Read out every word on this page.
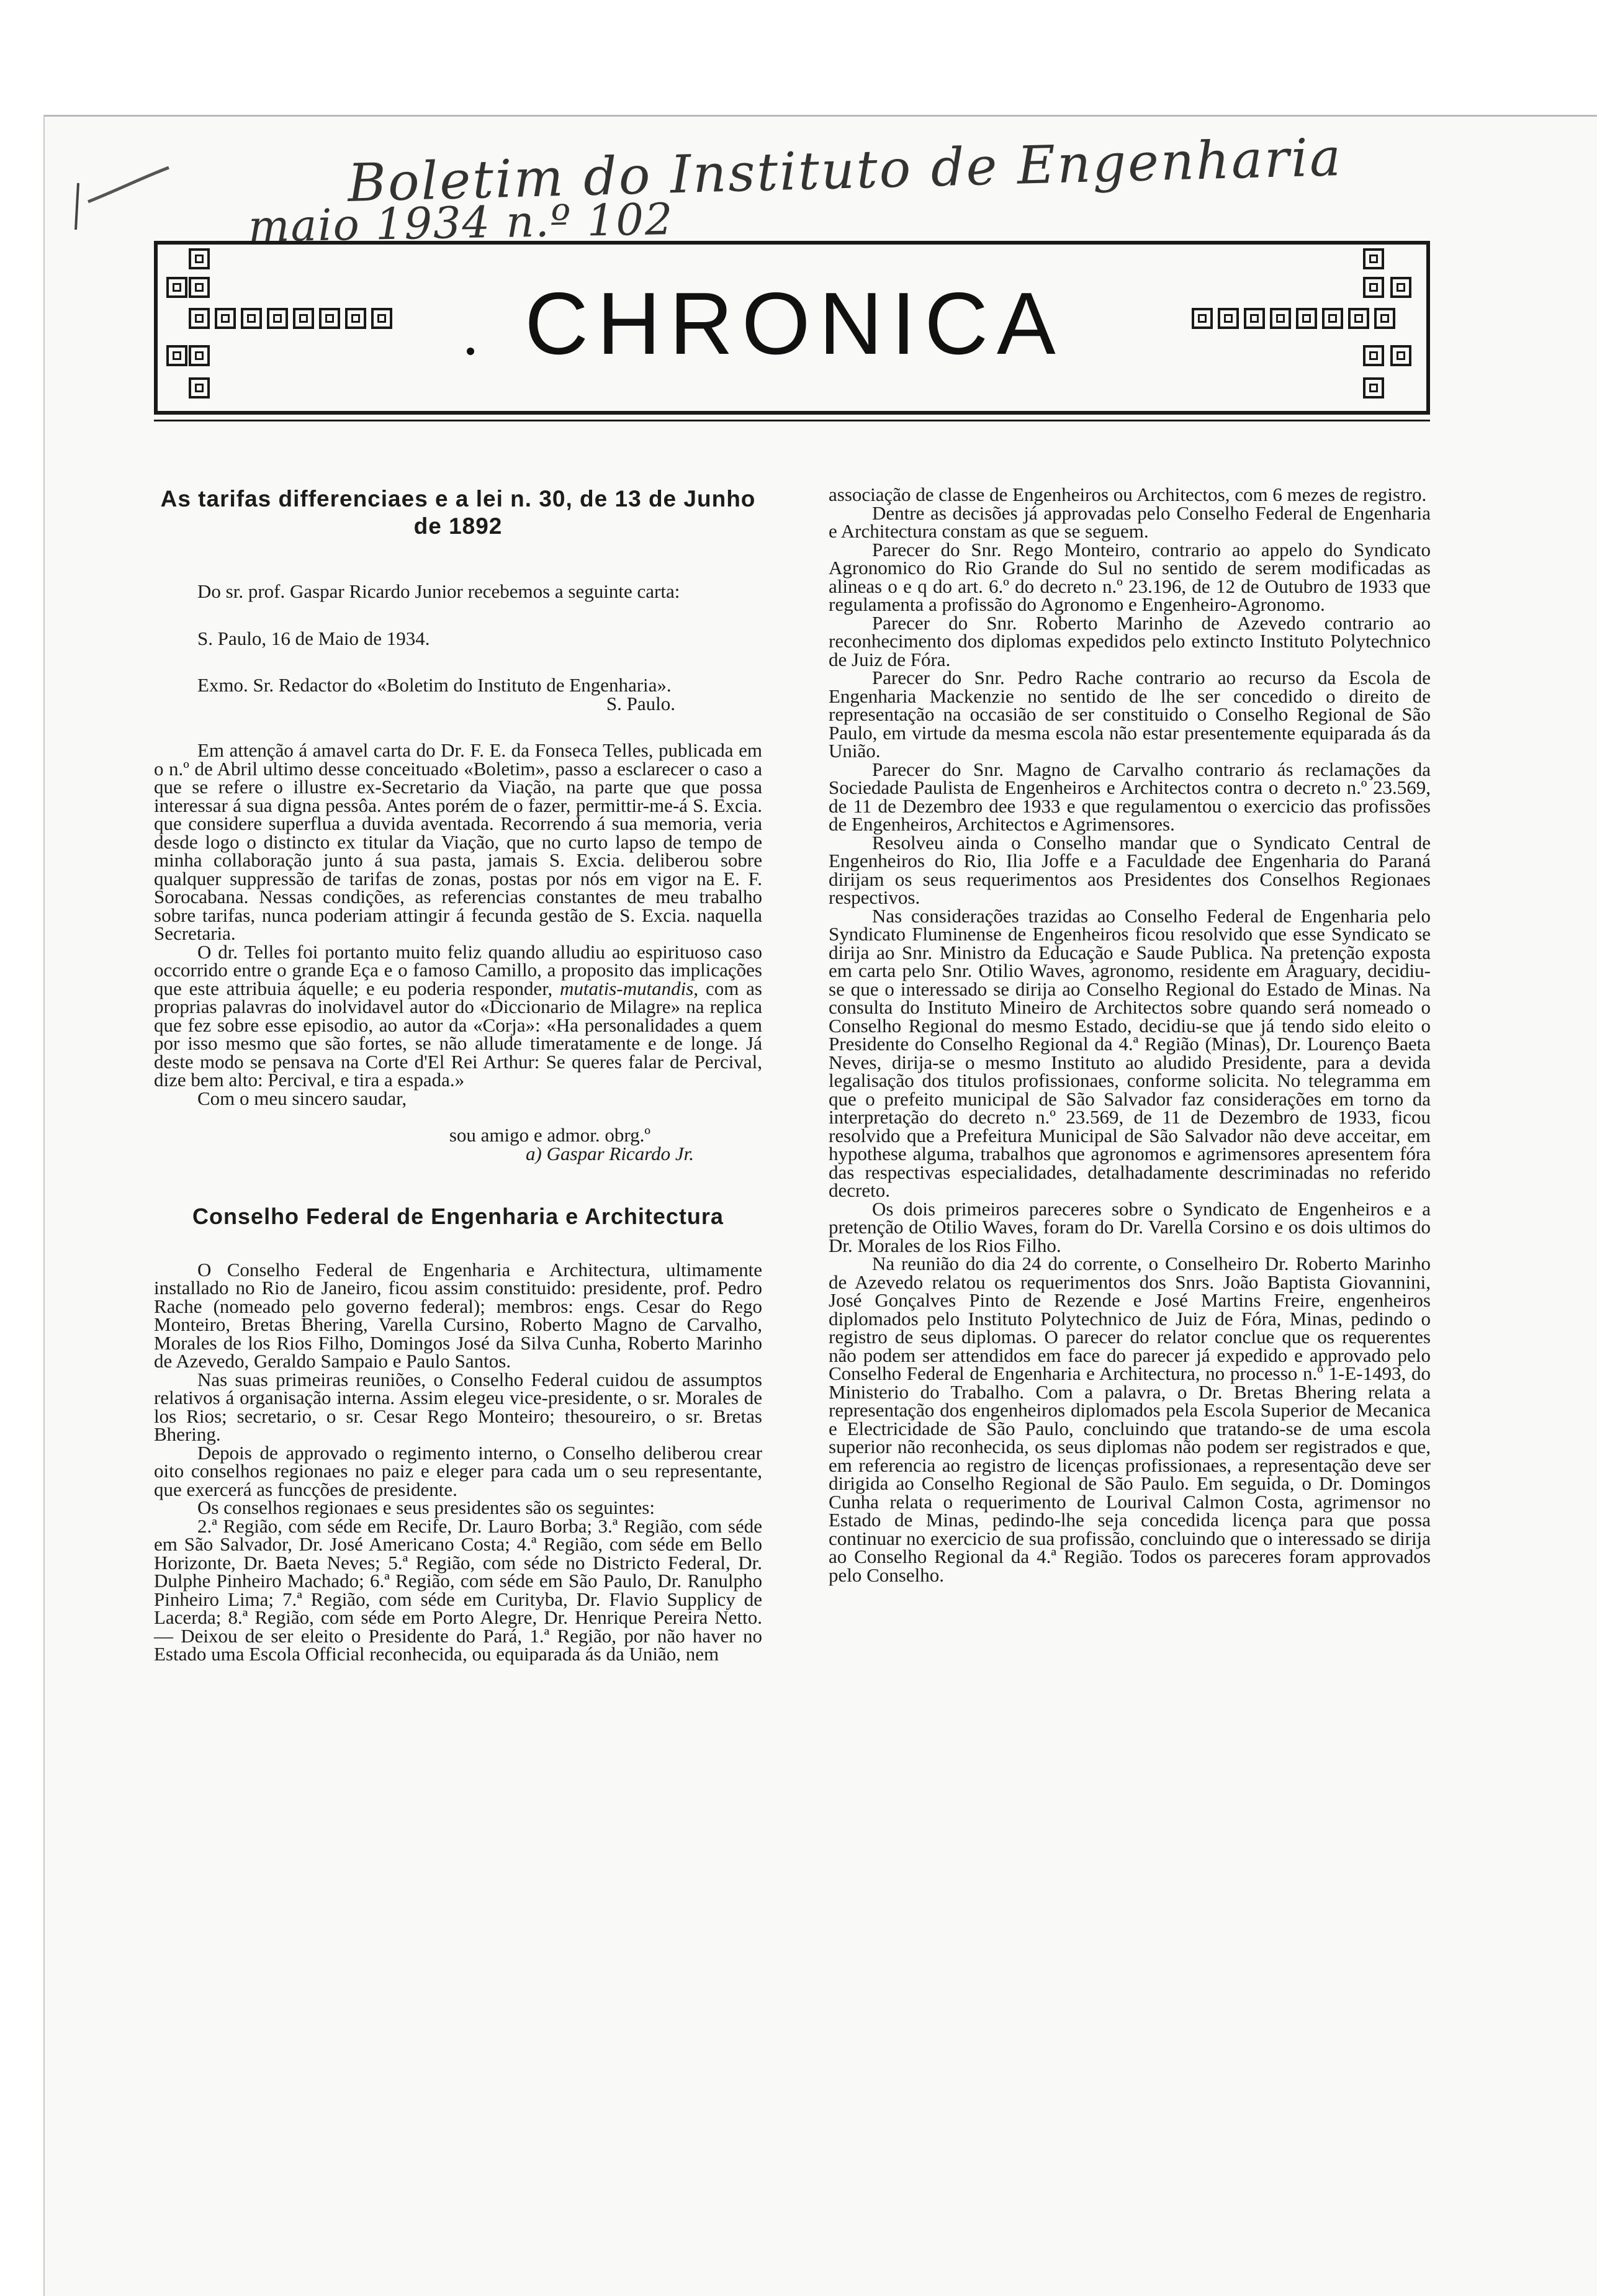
Boletim do Instituto de Engenharia
maio 1934 n.º 102
CHRONICA
As tarifas differenciaes e a lei n. 30, de 13 de Junho de 1892

Do sr. prof. Gaspar Ricardo Junior recebemos a seguinte carta:

S. Paulo, 16 de Maio de 1934.

Exmo. Sr. Redactor do «Boletim do Instituto de Engenharia».

S. Paulo.

Em attenção á amavel carta do Dr. F. E. da Fonseca Telles, publicada em o n.º de Abril ultimo desse conceituado «Boletim», passo a esclarecer o caso a que se refere o illustre ex-Secretario da Viação, na parte que que possa interessar á sua digna pessôa. Antes porém de o fazer, permittir-me-á S. Excia. que considere superflua a duvida aventada. Recorrendo á sua memoria, veria desde logo o distincto ex titular da Viação, que no curto lapso de tempo de minha collaboração junto á sua pasta, jamais S. Excia. deliberou sobre qualquer suppressão de tarifas de zonas, postas por nós em vigor na E. F. Sorocabana. Nessas condições, as referencias constantes de meu trabalho sobre tarifas, nunca poderiam attingir á fecunda gestão de S. Excia. naquella Secretaria.

O dr. Telles foi portanto muito feliz quando alludiu ao espirituoso caso occorrido entre o grande Eça e o famoso Camillo, a proposito das implicações que este attribuia áquelle; e eu poderia responder, mutatis-mutandis, com as proprias palavras do inolvidavel autor do «Diccionario de Milagre» na replica que fez sobre esse episodio, ao autor da «Corja»: «Ha personalidades a quem por isso mesmo que são fortes, se não allude timeratamente e de longe. Já deste modo se pensava na Corte d'El Rei Arthur: Se queres falar de Percival, dize bem alto: Percival, e tira a espada.»

Com o meu sincero saudar,

sou amigo e admor. obrg.º
a) Gaspar Ricardo Jr.
Conselho Federal de Engenharia e Architectura

O Conselho Federal de Engenharia e Architectura, ultimamente installado no Rio de Janeiro, ficou assim constituido: presidente, prof. Pedro Rache (nomeado pelo governo federal); membros: engs. Cesar do Rego Monteiro, Bretas Bhering, Varella Cursino, Roberto Magno de Carvalho, Morales de los Rios Filho, Domingos José da Silva Cunha, Roberto Marinho de Azevedo, Geraldo Sampaio e Paulo Santos.

Nas suas primeiras reuniões, o Conselho Federal cuidou de assumptos relativos á organisação interna. Assim elegeu vice-presidente, o sr. Morales de los Rios; secretario, o sr. Cesar Rego Monteiro; thesoureiro, o sr. Bretas Bhering.

Depois de approvado o regimento interno, o Conselho deliberou crear oito conselhos regionaes no paiz e eleger para cada um o seu representante, que exercerá as funcções de presidente.

Os conselhos regionaes e seus presidentes são os seguintes:

2.ª Região, com séde em Recife, Dr. Lauro Borba; 3.ª Região, com séde em São Salvador, Dr. José Americano Costa; 4.ª Região, com séde em Bello Horizonte, Dr. Baeta Neves; 5.ª Região, com séde no Districto Federal, Dr. Dulphe Pinheiro Machado; 6.ª Região, com séde em São Paulo, Dr. Ranulpho Pinheiro Lima; 7.ª Região, com séde em Curityba, Dr. Flavio Supplicy de Lacerda; 8.ª Região, com séde em Porto Alegre, Dr. Henrique Pereira Netto. — Deixou de ser eleito o Presidente do Pará, 1.ª Região, por não haver no Estado uma Escola Official reconhecida, ou equiparada ás da União, nem

associação de classe de Engenheiros ou Architectos, com 6 mezes de registro.

Dentre as decisões já approvadas pelo Conselho Federal de Engenharia e Architectura constam as que se seguem.

Parecer do Snr. Rego Monteiro, contrario ao appelo do Syndicato Agronomico do Rio Grande do Sul no sentido de serem modificadas as alineas o e q do art. 6.º do decreto n.º 23.196, de 12 de Outubro de 1933 que regulamenta a profissão do Agronomo e Engenheiro-Agronomo.

Parecer do Snr. Roberto Marinho de Azevedo contrario ao reconhecimento dos diplomas expedidos pelo extincto Instituto Polytechnico de Juiz de Fóra.

Parecer do Snr. Pedro Rache contrario ao recurso da Escola de Engenharia Mackenzie no sentido de lhe ser concedido o direito de representação na occasião de ser constituido o Conselho Regional de São Paulo, em virtude da mesma escola não estar presentemente equiparada ás da União.

Parecer do Snr. Magno de Carvalho contrario ás reclamações da Sociedade Paulista de Engenheiros e Architectos contra o decreto n.º 23.569, de 11 de Dezembro dee 1933 e que regulamentou o exercicio das profissões de Engenheiros, Architectos e Agrimensores.

Resolveu ainda o Conselho mandar que o Syndicato Central de Engenheiros do Rio, Ilia Joffe e a Faculdade dee Engenharia do Paraná dirijam os seus requerimentos aos Presidentes dos Conselhos Regionaes respectivos.

Nas considerações trazidas ao Conselho Federal de Engenharia pelo Syndicato Fluminense de Engenheiros ficou resolvido que esse Syndicato se dirija ao Snr. Ministro da Educação e Saude Publica. Na pretenção exposta em carta pelo Snr. Otilio Waves, agronomo, residente em Araguary, decidiu-se que o interessado se dirija ao Conselho Regional do Estado de Minas. Na consulta do Instituto Mineiro de Architectos sobre quando será nomeado o Conselho Regional do mesmo Estado, decidiu-se que já tendo sido eleito o Presidente do Conselho Regional da 4.ª Região (Minas), Dr. Lourenço Baeta Neves, dirija-se o mesmo Instituto ao aludido Presidente, para a devida legalisação dos titulos profissionaes, conforme solicita. No telegramma em que o prefeito municipal de São Salvador faz considerações em torno da interpretação do decreto n.º 23.569, de 11 de Dezembro de 1933, ficou resolvido que a Prefeitura Municipal de São Salvador não deve acceitar, em hypothese alguma, trabalhos que agronomos e agrimensores apresentem fóra das respectivas especialidades, detalhadamente descriminadas no referido decreto.

Os dois primeiros pareceres sobre o Syndicato de Engenheiros e a pretenção de Otilio Waves, foram do Dr. Varella Corsino e os dois ultimos do Dr. Morales de los Rios Filho.

Na reunião do dia 24 do corrente, o Conselheiro Dr. Roberto Marinho de Azevedo relatou os requerimentos dos Snrs. João Baptista Giovannini, José Gonçalves Pinto de Rezende e José Martins Freire, engenheiros diplomados pelo Instituto Polytechnico de Juiz de Fóra, Minas, pedindo o registro de seus diplomas. O parecer do relator conclue que os requerentes não podem ser attendidos em face do parecer já expedido e approvado pelo Conselho Federal de Engenharia e Architectura, no processo n.º 1-E-1493, do Ministerio do Trabalho. Com a palavra, o Dr. Bretas Bhering relata a representação dos engenheiros diplomados pela Escola Superior de Mecanica e Electricidade de São Paulo, concluindo que tratando-se de uma escola superior não reconhecida, os seus diplomas não podem ser registrados e que, em referencia ao registro de licenças profissionaes, a representação deve ser dirigida ao Conselho Regional de São Paulo. Em seguida, o Dr. Domingos Cunha relata o requerimento de Lourival Calmon Costa, agrimensor no Estado de Minas, pedindo-lhe seja concedida licença para que possa continuar no exercicio de sua profissão, concluindo que o interessado se dirija ao Conselho Regional da 4.ª Região. Todos os pareceres foram approvados pelo Conselho.
